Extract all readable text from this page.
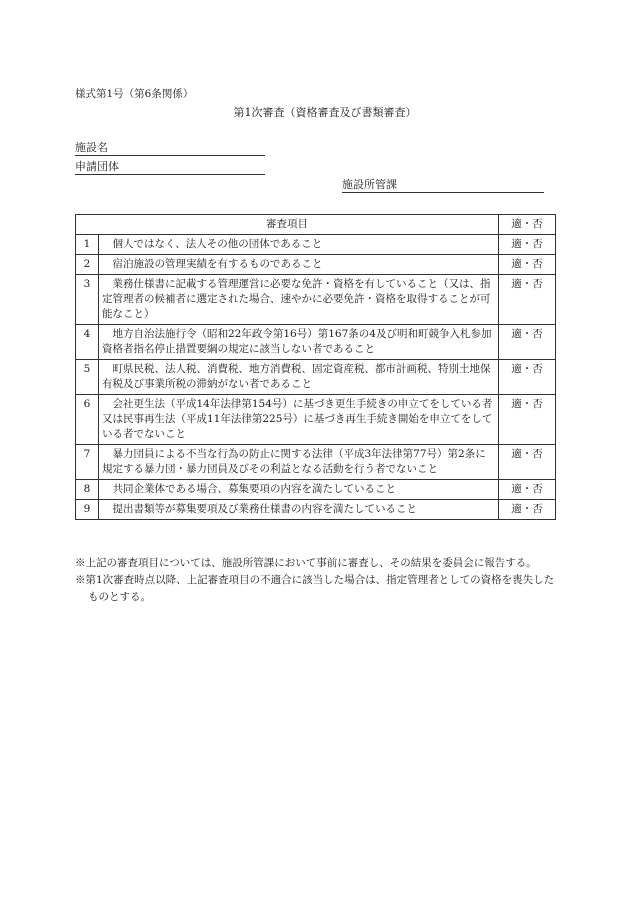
様式第1号（第6条関係）
第1次審査（資格審査及び書類審査）
施設名
申請団体
施設所管課
審査項目		適・否
1	個人ではなく、法人その他の団体であること	適・否
2	宿泊施設の管理実績を有するものであること	適・否
3	業務仕様書に記載する管理運営に必要な免許・資格を有していること（又は、指定管理者の候補者に選定された場合、速やかに必要免許・資格を取得することが可能なこと）	適・否
4	地方自治法施行令（昭和22年政令第16号）第167条の4及び明和町競争入札参加資格者指名停止措置要綱の規定に該当しない者であること	適・否
5	町県民税、法人税、消費税、地方消費税、固定資産税、都市計画税、特別土地保有税及び事業所税の滞納がない者であること	適・否
6	会社更生法（平成14年法律第154号）に基づき更生手続きの申立てをしている者又は民事再生法（平成11年法律第225号）に基づき再生手続き開始を申立てをしている者でないこと	適・否
7	暴力団員による不当な行為の防止に関する法律（平成3年法律第77号）第2条に規定する暴力団・暴力団員及びその利益となる活動を行う者でないこと	適・否
8	共同企業体である場合、募集要項の内容を満たしていること	適・否
9	提出書類等が募集要項及び業務仕様書の内容を満たしていること	適・否
※上記の審査項目については、施設所管課において事前に審査し、その結果を委員会に報告する。
※第1次審査時点以降、上記審査項目の不適合に該当した場合は、指定管理者としての資格を喪失したものとする。
